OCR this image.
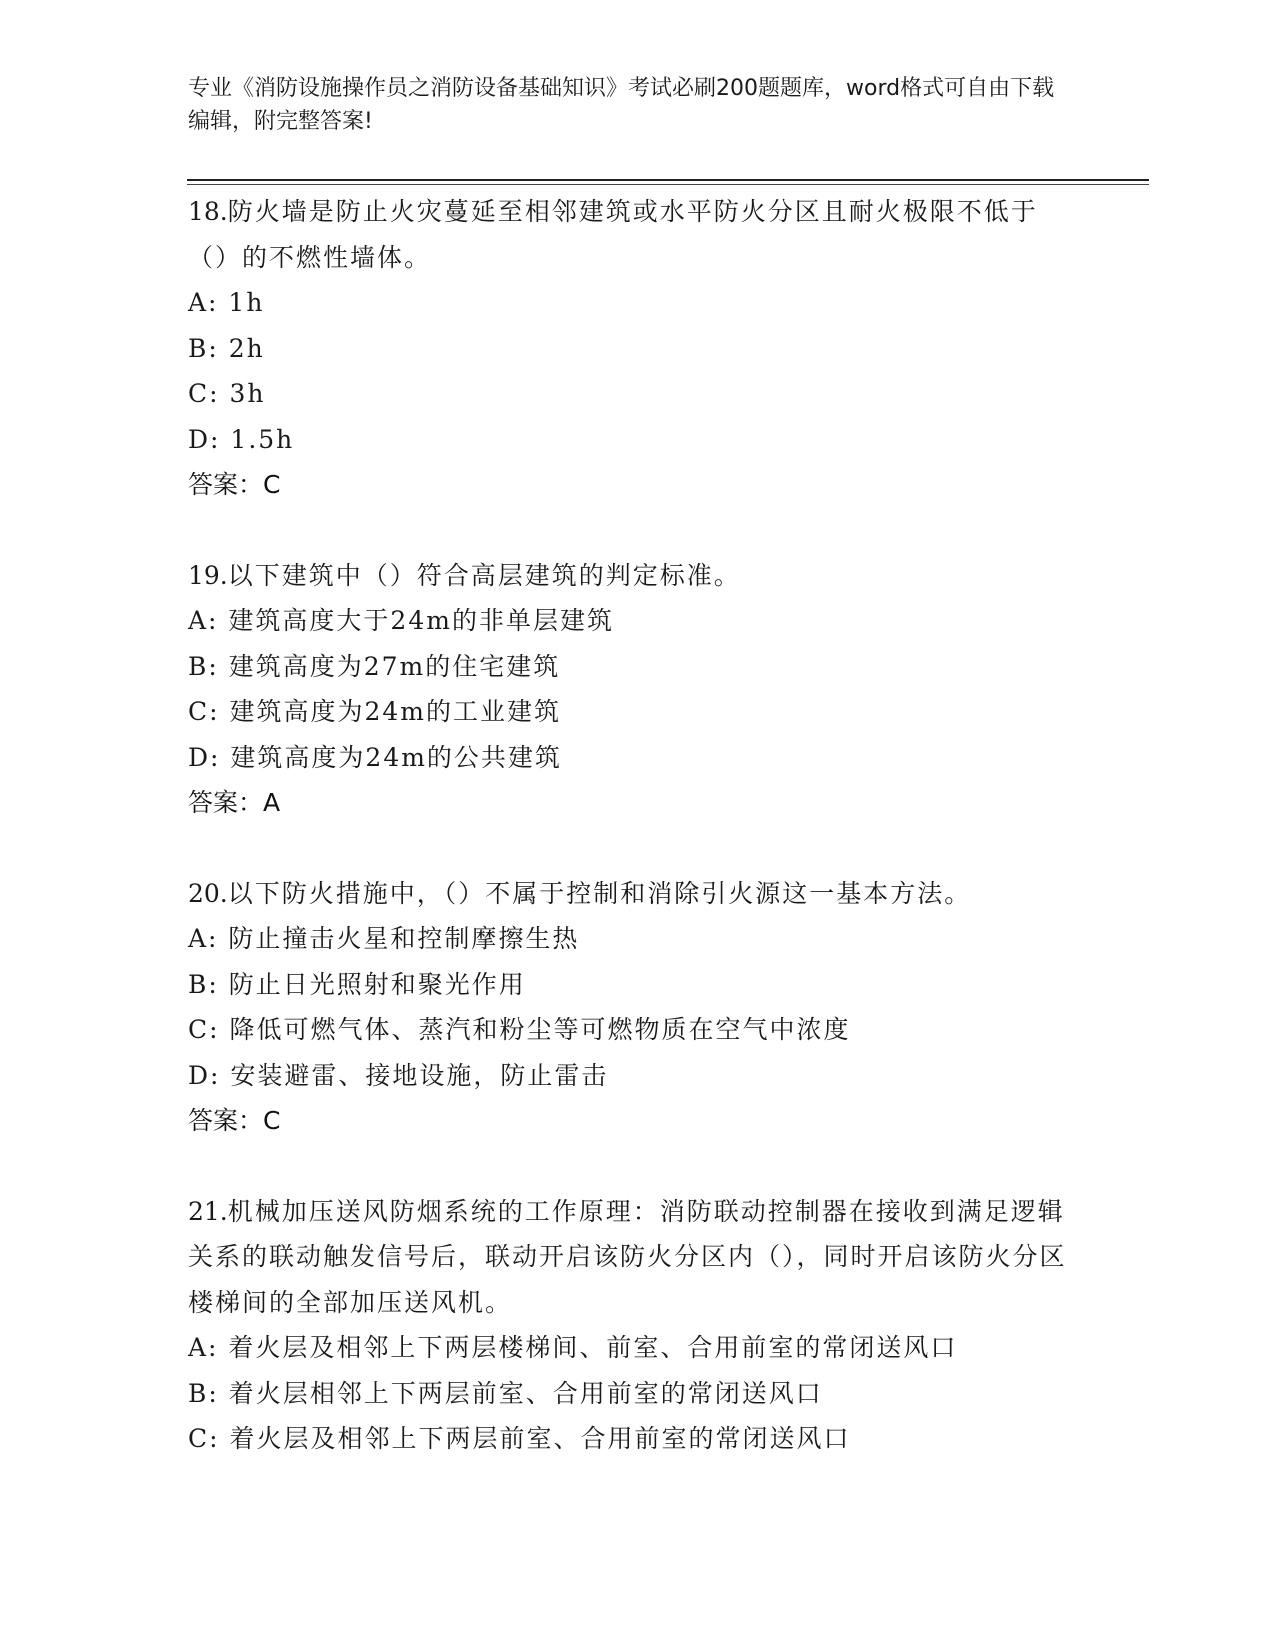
专业《消防设施操作员之消防设备基础知识》考试必刷200题题库，word格式可自由下载编辑，附完整答案!
18.防火墙是防止火灾蔓延至相邻建筑或水平防火分区且耐火极限不低于（）的不燃性墙体。
A: 1h
B: 2h
C: 3h
D: 1.5h
答案：C
19.以下建筑中（）符合高层建筑的判定标准。
A: 建筑高度大于24m的非单层建筑
B: 建筑高度为27m的住宅建筑
C: 建筑高度为24m的工业建筑
D: 建筑高度为24m的公共建筑
答案：A
20.以下防火措施中，（）不属于控制和消除引火源这一基本方法。
A: 防止撞击火星和控制摩擦生热
B: 防止日光照射和聚光作用
C: 降低可燃气体、蒸汽和粉尘等可燃物质在空气中浓度
D: 安装避雷、接地设施，防止雷击
答案：C
21.机械加压送风防烟系统的工作原理：消防联动控制器在接收到满足逻辑关系的联动触发信号后，联动开启该防火分区内（），同时开启该防火分区楼梯间的全部加压送风机。
A: 着火层及相邻上下两层楼梯间、前室、合用前室的常闭送风口
B: 着火层相邻上下两层前室、合用前室的常闭送风口
C: 着火层及相邻上下两层前室、合用前室的常闭送风口
